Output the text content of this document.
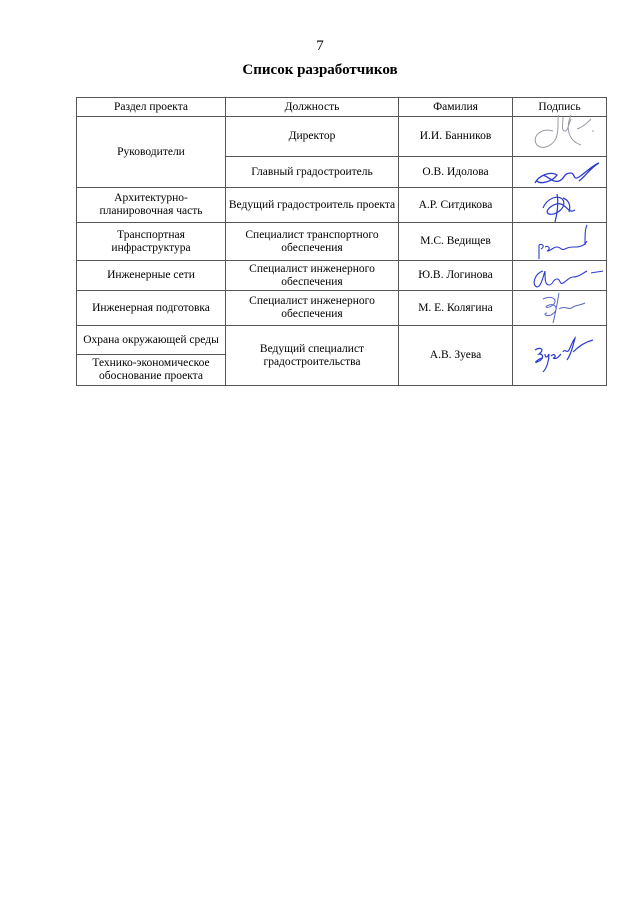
7
Список разработчиков
Раздел проекта	Должность	Фамилия	Подпись
Руководители	Директор	И.И. Банников	

	Главный градостроитель	О.В. Идолова	

Архитектурно-планировочная часть	Ведущий градостроитель проекта	А.Р. Ситдикова	

Транспортная инфраструктура	Специалист транспортного обеспечения	М.С. Ведищев	

Инженерные сети	Специалист инженерного обеспечения	Ю.В. Логинова	

Инженерная подготовка	Специалист инженерного обеспечения	М. Е. Колягина	

Охрана окружающей среды	Ведущий специалист градостроительства	А.В. Зуева	

Технико-экономическое обоснование проекта			
